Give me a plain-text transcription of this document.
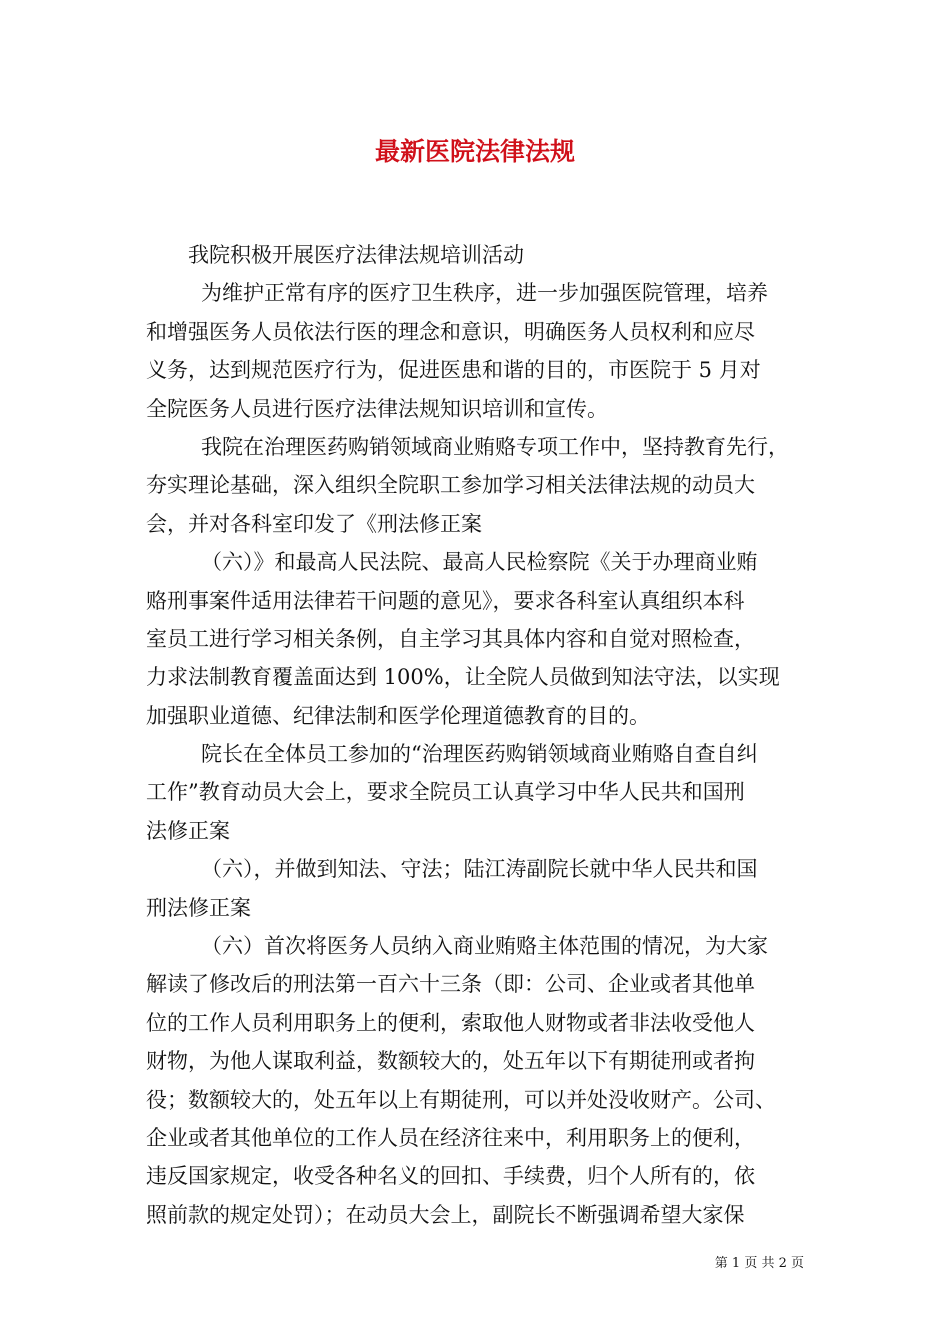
最新医院法律法规
我院积极开展医疗法律法规培训活动
为维护正常有序的医疗卫生秩序，进一步加强医院管理，培养
和增强医务人员依法行医的理念和意识，明确医务人员权利和应尽
义务，达到规范医疗行为，促进医患和谐的目的，市医院于 5 月对
全院医务人员进行医疗法律法规知识培训和宣传。
我院在治理医药购销领域商业贿赂专项工作中，坚持教育先行，
夯实理论基础，深入组织全院职工参加学习相关法律法规的动员大
会，并对各科室印发了《刑法修正案
（六）》和最高人民法院、最高人民检察院《关于办理商业贿
赂刑事案件适用法律若干问题的意见》，要求各科室认真组织本科
室员工进行学习相关条例，自主学习其具体内容和自觉对照检查，
力求法制教育覆盖面达到 100%，让全院人员做到知法守法，以实现
加强职业道德、纪律法制和医学伦理道德教育的目的。
院长在全体员工参加的“治理医药购销领域商业贿赂自查自纠
工作”教育动员大会上，要求全院员工认真学习中华人民共和国刑
法修正案
（六），并做到知法、守法；陆江涛副院长就中华人民共和国
刑法修正案
（六）首次将医务人员纳入商业贿赂主体范围的情况，为大家
解读了修改后的刑法第一百六十三条（即：公司、企业或者其他单
位的工作人员利用职务上的便利，索取他人财物或者非法收受他人
财物，为他人谋取利益，数额较大的，处五年以下有期徒刑或者拘
役；数额较大的，处五年以上有期徒刑，可以并处没收财产。公司、
企业或者其他单位的工作人员在经济往来中，利用职务上的便利，
违反国家规定，收受各种名义的回扣、手续费，归个人所有的，依
照前款的规定处罚）；在动员大会上，副院长不断强调希望大家保
第 1 页 共 2 页
